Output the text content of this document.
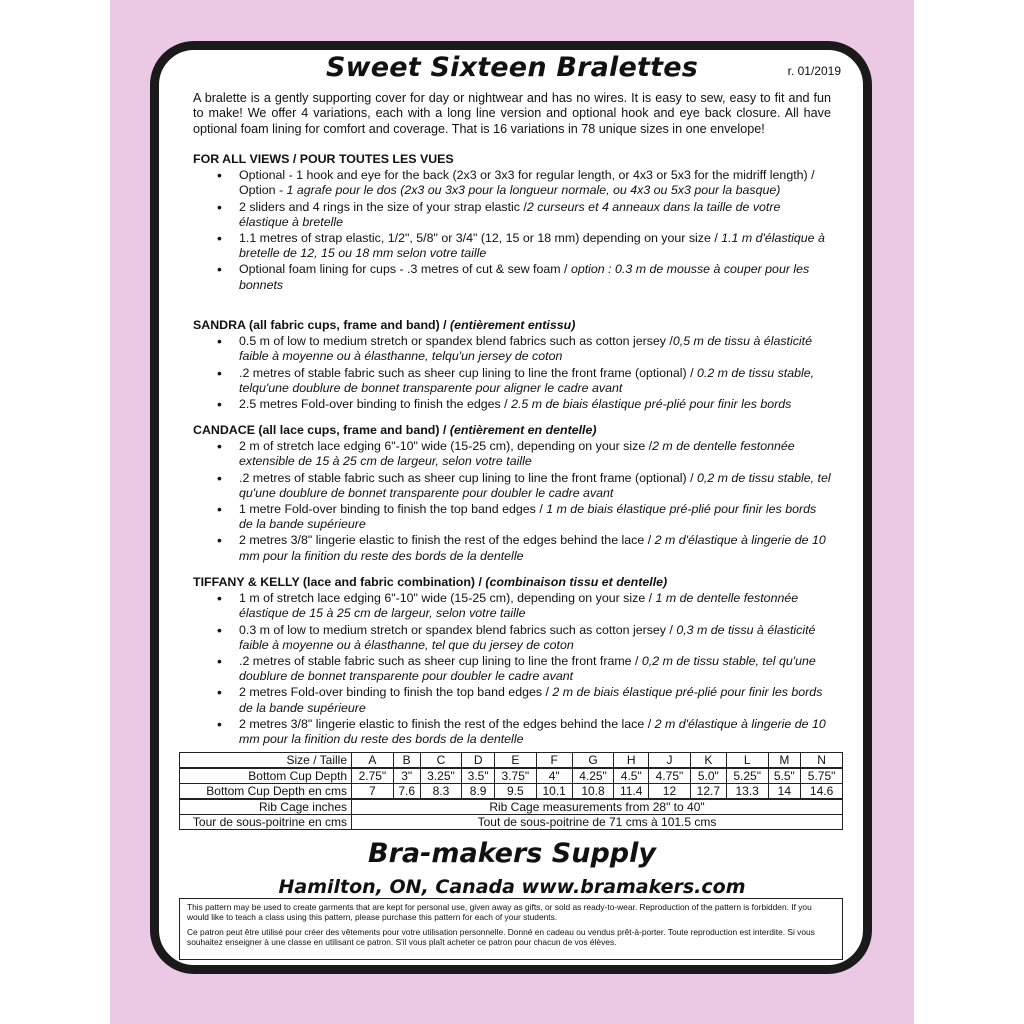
Sweet Sixteen Bralettes	r. 01/2019
A bralette is a gently supporting cover for day or nightwear and has no wires. It is easy to sew, easy to fit and fun to make! We offer 4 variations, each with a long line version and optional hook and eye back closure. All have optional foam lining for comfort and coverage. That is 16 variations in 78 unique sizes in one envelope!
FOR ALL VIEWS / POUR TOUTES LES VUES
• Optional - 1 hook and eye for the back (2x3 or 3x3 for regular length, or 4x3 or 5x3 for the midriff length) / Option - 1 agrafe pour le dos (2x3 ou 3x3 pour la longueur normale, ou 4x3 ou 5x3 pour la basque)
• 2 sliders and 4 rings in the size of your strap elastic /2 curseurs et 4 anneaux dans la taille de votre élastique à bretelle
• 1.1 metres of strap elastic, 1/2", 5/8" or 3/4" (12, 15 or 18 mm) depending on your size / 1.1 m d'élastique à bretelle de 12, 15 ou 18 mm selon votre taille
• Optional foam lining for cups - .3 metres of cut & sew foam / option : 0.3 m de mousse à couper pour les bonnets
SANDRA (all fabric cups, frame and band) / (entièrement entissu)
• 0.5 m of low to medium stretch or spandex blend fabrics such as cotton jersey /0,5 m de tissu à élasticité faible à moyenne ou à élasthanne, telqu'un jersey de coton
• .2 metres of stable fabric such as sheer cup lining to line the front frame (optional) / 0.2 m de tissu stable, telqu'une doublure de bonnet transparente pour aligner le cadre avant
• 2.5 metres Fold-over binding to finish the edges / 2.5 m de biais élastique pré-plié pour finir les bords
CANDACE (all lace cups, frame and band) / (entièrement en dentelle)
• 2 m of stretch lace edging 6"-10" wide (15-25 cm), depending on your size /2 m de dentelle festonnée extensible de 15 à 25 cm de largeur, selon votre taille
• .2 metres of stable fabric such as sheer cup lining to line the front frame (optional) / 0,2 m de tissu stable, tel qu'une doublure de bonnet transparente pour doubler le cadre avant
• 1 metre Fold-over binding to finish the top band edges / 1 m de biais élastique pré-plié pour finir les bords de la bande supérieure
• 2 metres 3/8" lingerie elastic to finish the rest of the edges behind the lace / 2 m d'élastique à lingerie de 10 mm pour la finition du reste des bords de la dentelle
TIFFANY & KELLY (lace and fabric combination) / (combinaison tissu et dentelle)
• 1 m of stretch lace edging 6"-10" wide (15-25 cm), depending on your size / 1 m de dentelle festonnée élastique de 15 à 25 cm de largeur, selon votre taille
• 0.3 m of low to medium stretch or spandex blend fabrics such as cotton jersey / 0,3 m de tissu à élasticité faible à moyenne ou à élasthanne, tel que du jersey de coton
• .2 metres of stable fabric such as sheer cup lining to line the front frame / 0,2 m de tissu stable, tel qu'une doublure de bonnet transparente pour doubler le cadre avant
• 2 metres Fold-over binding to finish the top band edges / 2 m de biais élastique pré-plié pour finir les bords de la bande supérieure
• 2 metres 3/8" lingerie elastic to finish the rest of the edges behind the lace / 2 m d'élastique à lingerie de 10 mm pour la finition du reste des bords de la dentelle
Size / Taille	A	B	C	D	E	F	G	H	J	K	L	M	N
Bottom Cup Depth	2.75"	3"	3.25"	3.5"	3.75"	4"	4.25"	4.5"	4.75"	5.0"	5.25"	5.5"	5.75"
Bottom Cup Depth en cms	7	7.6	8.3	8.9	9.5	10.1	10.8	11.4	12	12.7	13.3	14	14.6
Rib Cage inches	Rib Cage measurements from 28" to 40"												
Tour de sous-poitrine en cms	Tout de sous-poitrine de 71 cms à 101.5 cms												
Bra-makers Supply
Hamilton, ON, Canada www.bramakers.com

This pattern may be used to create garments that are kept for personal use, given away as gifts, or sold as ready-to-wear. Reproduction of the pattern is forbidden. If you would like to teach a class using this pattern, please purchase this pattern for each of your students.

Ce patron peut être utilisé pour créer des vêtements pour votre utilisation personnelle. Donné en cadeau ou vendus prêt-à-porter. Toute reproduction est interdite. Si vous souhaitez enseigner à une classe en utilisant ce patron. S'il vous plaît acheter ce patron pour chacun de vos élèves.
